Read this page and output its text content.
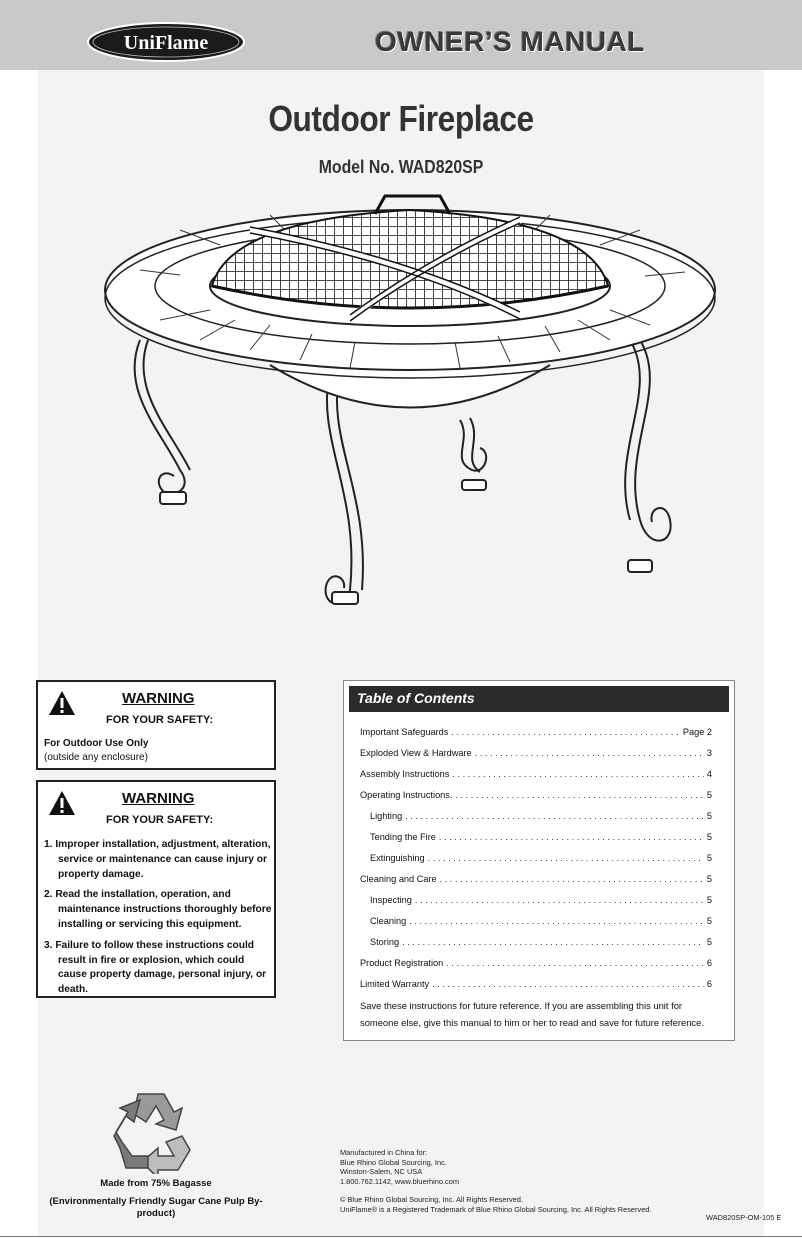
UniFlame	OWNER’S MANUAL
Outdoor Fireplace
Model No. WAD820SP
WARNING
FOR YOUR SAFETY:
For Outdoor Use Only
(outside any enclosure)
WARNING
FOR YOUR SAFETY:
1. Improper installation, adjustment, alteration, service or maintenance can cause injury or property damage.
2. Read the installation, operation, and maintenance instructions thoroughly before installing or servicing this equipment.
3. Failure to follow these instructions could result in fire or explosion, which could cause property damage, personal injury, or death.
Table of Contents
Important Safeguards . . .	Page 2
Exploded View & Hardware . . .	3
Assembly Instructions . . .	4
Operating Instructions. . . .	5
Lighting . . .	5
Tending the Fire . . .	5
Extinguishing . . .	5
Cleaning and Care . . .	5
Inspecting . . .	5
Cleaning . . .	5
Storing . . .	5
Product Registration . . .	6
Limited Warranty . . .	6
Save these instructions for future reference. If you are assembling this unit for someone else, give this manual to him or her to read and save for future reference.
Made from 75% Bagasse
(Environmentally Friendly Sugar Cane Pulp By-product)
Manufactured in China for:
Blue Rhino Global Sourcing, Inc.
Winston-Salem, NC USA
1.800.762.1142, www.bluerhino.com
© Blue Rhino Global Sourcing, Inc. All Rights Reserved.
UniFlame® is a Registered Trademark of Blue Rhino Global Sourcing, Inc. All Rights Reserved.
WAD820SP-OM-105 E
